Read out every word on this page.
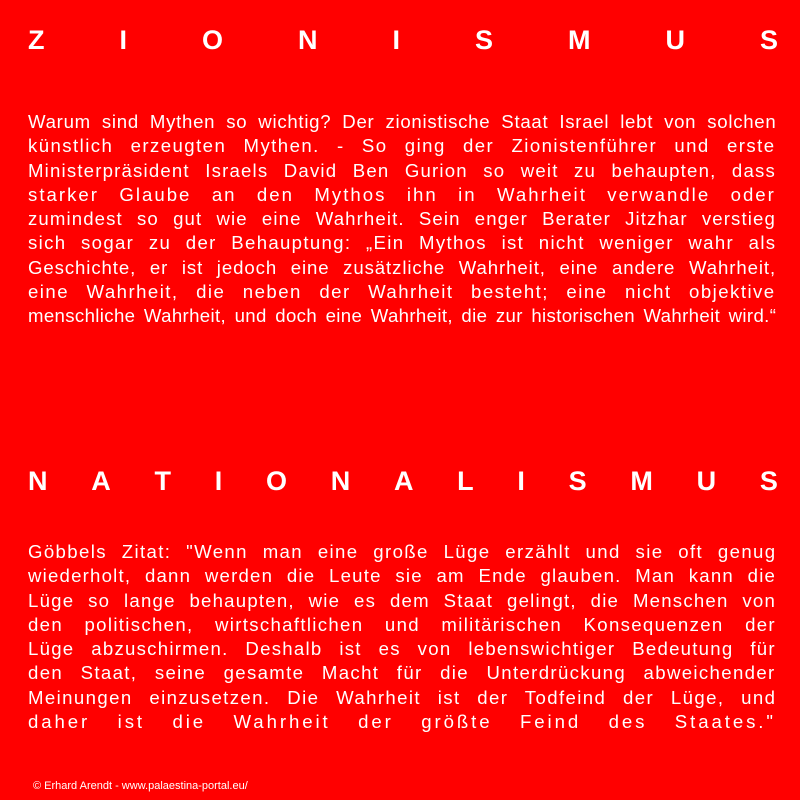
Z	I	O	N	I	S	M	U	S
Warum sind Mythen so wichtig? Der zionistische Staat Israel lebt von solchen
künstlich erzeugten Mythen. - So ging der Zionistenführer und erste
Ministerpräsident Israels David Ben Gurion so weit zu behaupten, dass
starker Glaube an den Mythos ihn in Wahrheit verwandle oder
zumindest so gut wie eine Wahrheit. Sein enger Berater Jitzhar verstieg
sich sogar zu der Behauptung: „Ein Mythos ist nicht weniger wahr als
Geschichte, er ist jedoch eine zusätzliche Wahrheit, eine andere Wahrheit,
eine Wahrheit, die neben der Wahrheit besteht; eine nicht objektive
menschliche Wahrheit, und doch eine Wahrheit, die zur historischen Wahrheit wird.“
N A T I O N A L I S M U S
Göbbels Zitat: "Wenn man eine große Lüge erzählt und sie oft genug
wiederholt, dann werden die Leute sie am Ende glauben. Man kann die
Lüge so lange behaupten, wie es dem Staat gelingt, die Menschen von
den politischen, wirtschaftlichen und militärischen Konsequenzen der
Lüge abzuschirmen. Deshalb ist es von lebenswichtiger Bedeutung für
den Staat, seine gesamte Macht für die Unterdrückung abweichender
Meinungen einzusetzen. Die Wahrheit ist der Todfeind der Lüge, und
daher ist die Wahrheit der größte Feind des Staates."
© Erhard Arendt - www.palaestina-portal.eu/
